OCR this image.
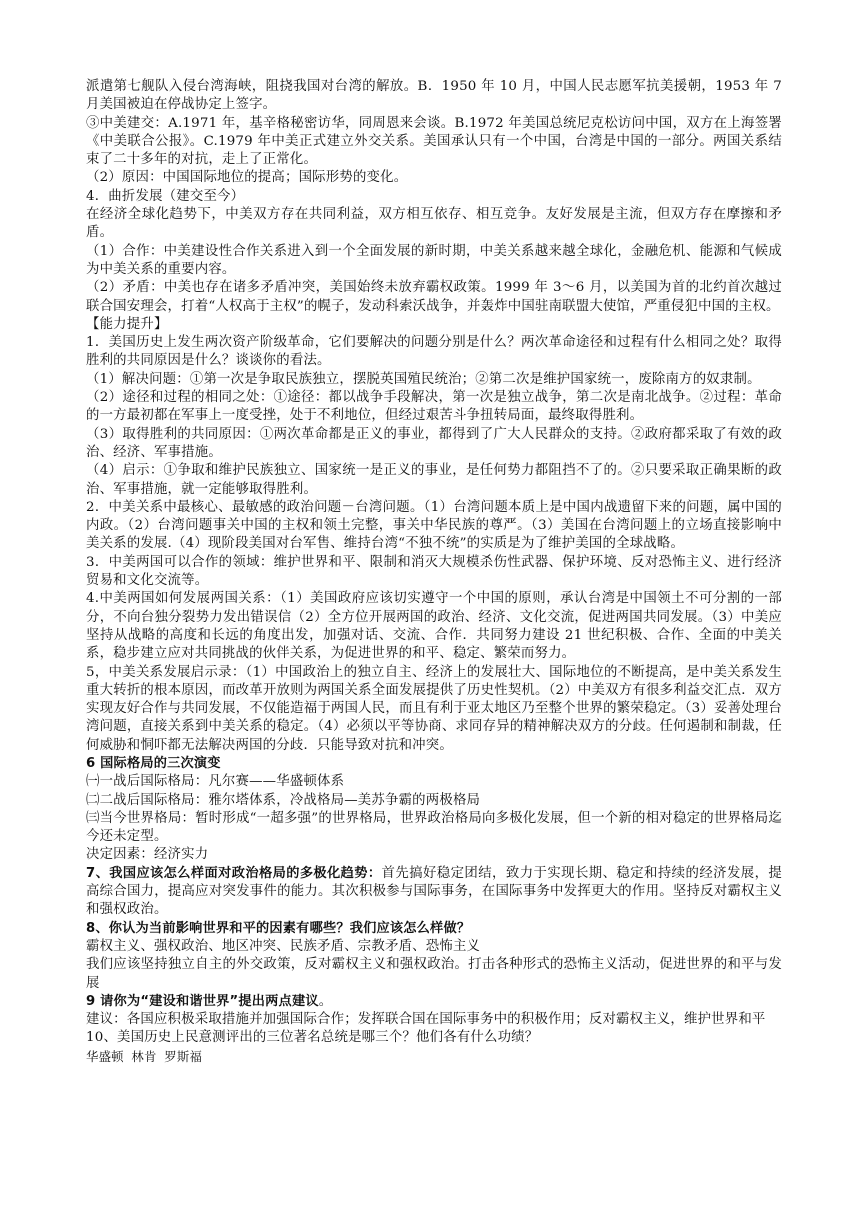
派遣第七舰队入侵台湾海峡，阻挠我国对台湾的解放。B．1950 年 10 月，中国人民志愿军抗美援朝，1953 年 7 月美国被迫在停战协定上签字。

③中美建交：A.1971 年，基辛格秘密访华，同周恩来会谈。B.1972 年美国总统尼克松访问中国，双方在上海签署《中美联合公报》。C.1979 年中美正式建立外交关系。美国承认只有一个中国，台湾是中国的一部分。两国关系结束了二十多年的对抗，走上了正常化。

（2）原因：中国国际地位的提高；国际形势的变化。

4．曲折发展（建交至今）

在经济全球化趋势下，中美双方存在共同利益，双方相互依存、相互竞争。友好发展是主流，但双方存在摩擦和矛盾。

（1）合作：中美建设性合作关系进入到一个全面发展的新时期，中美关系越来越全球化，金融危机、能源和气候成为中美关系的重要内容。

（2）矛盾：中美也存在诸多矛盾冲突，美国始终未放弃霸权政策。1999 年 3～6 月，以美国为首的北约首次越过联合国安理会，打着“人权高于主权”的幌子，发动科索沃战争，并轰炸中国驻南联盟大使馆，严重侵犯中国的主权。

【能力提升】

1．美国历史上发生两次资产阶级革命，它们要解决的问题分别是什么？两次革命途径和过程有什么相同之处？取得胜利的共同原因是什么？谈谈你的看法。

（1）解决问题：①第一次是争取民族独立，摆脱英国殖民统治；②第二次是维护国家统一，废除南方的奴隶制。

（2）途径和过程的相同之处：①途径：都以战争手段解决，第一次是独立战争，第二次是南北战争。②过程：革命的一方最初都在军事上一度受挫，处于不利地位，但经过艰苦斗争扭转局面，最终取得胜利。

（3）取得胜利的共同原因：①两次革命都是正义的事业，都得到了广大人民群众的支持。②政府都采取了有效的政治、经济、军事措施。

（4）启示：①争取和维护民族独立、国家统一是正义的事业，是任何势力都阻挡不了的。②只要采取正确果断的政治、军事措施，就一定能够取得胜利。

2．中美关系中最核心、最敏感的政治问题－台湾问题。（1）台湾问题本质上是中国内战遗留下来的问题，属中国的内政。（2）台湾问题事关中国的主权和领土完整，事关中华民族的尊严。（3）美国在台湾问题上的立场直接影响中美关系的发展.（4）现阶段美国对台军售、维持台湾“不独不统”的实质是为了维护美国的全球战略。

3．中美两国可以合作的领域：维护世界和平、限制和消灭大规模杀伤性武器、保护环境、反对恐怖主义、进行经济贸易和文化交流等。

4.中美两国如何发展两国关系：（1）美国政府应该切实遵守一个中国的原则，承认台湾是中国领土不可分割的一部分，不向台独分裂势力发出错误信（2）全方位开展两国的政治、经济、文化交流，促进两国共同发展。（3）中美应坚持从战略的高度和长远的角度出发，加强对话、交流、合作．共同努力建设 21 世纪积极、合作、全面的中美关系，稳步建立应对共同挑战的伙伴关系，为促进世界的和平、稳定、繁荣而努力。

5，中美关系发展启示录：（1）中国政治上的独立自主、经济上的发展壮大、国际地位的不断提高，是中美关系发生重大转折的根本原因，而改革开放则为两国关系全面发展提供了历史性契机。（2）中美双方有很多利益交汇点．双方实现友好合作与共同发展，不仅能造福于两国人民，而且有利于亚太地区乃至整个世界的繁荣稳定。（3）妥善处理台湾问题，直接关系到中美关系的稳定。（4）必须以平等协商、求同存异的精神解决双方的分歧。任何遏制和制裁，任何威胁和恫吓都无法解决两国的分歧．只能导致对抗和冲突。

6 国际格局的三次演变

㈠一战后国际格局：凡尔赛——华盛顿体系

㈡二战后国际格局：雅尔塔体系，冷战格局—美苏争霸的两极格局

㈢当今世界格局：暂时形成“一超多强”的世界格局，世界政治格局向多极化发展，但一个新的相对稳定的世界格局迄今还未定型。

决定因素：经济实力

7、我国应该怎么样面对政治格局的多极化趋势：首先搞好稳定团结，致力于实现长期、稳定和持续的经济发展，提高综合国力，提高应对突发事件的能力。其次积极参与国际事务，在国际事务中发挥更大的作用。坚持反对霸权主义和强权政治。

8、你认为当前影响世界和平的因素有哪些？我们应该怎么样做？

霸权主义、强权政治、地区冲突、民族矛盾、宗教矛盾、恐怖主义

我们应该坚持独立自主的外交政策，反对霸权主义和强权政治。打击各种形式的恐怖主义活动，促进世界的和平与发展

9 请你为“建设和谐世界”提出两点建议。

建议：各国应积极采取措施并加强国际合作；发挥联合国在国际事务中的积极作用；反对霸权主义，维护世界和平

10、美国历史上民意测评出的三位著名总统是哪三个？他们各有什么功绩？

华盛顿 林肯 罗斯福
